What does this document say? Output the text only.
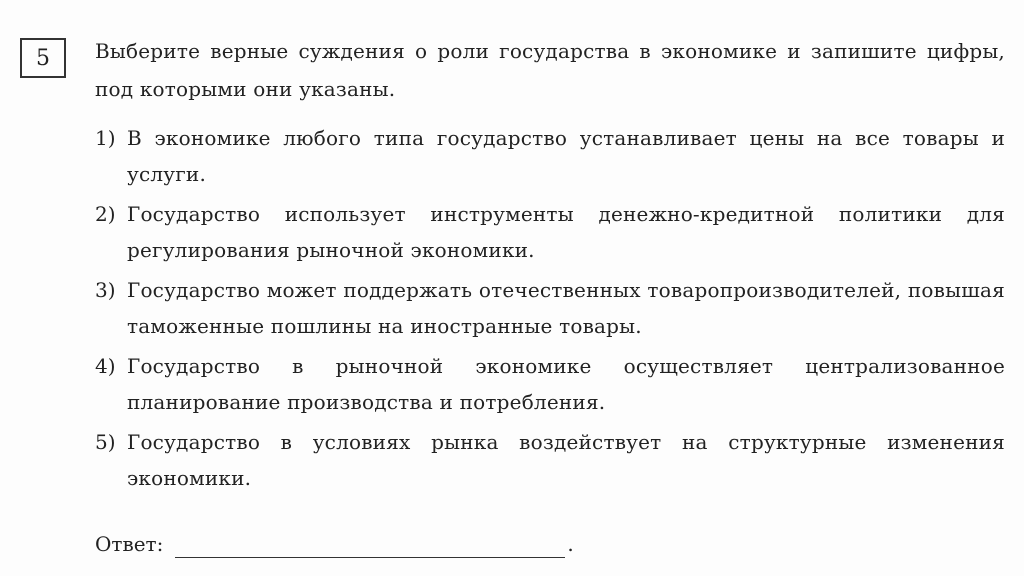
5 Выберите верные суждения о роли государства в экономике и запишите цифры, под которыми они указаны.
1) В экономике любого типа государство устанавливает цены на все товары и услуги.
2) Государство использует инструменты денежно-кредитной политики для регулирования рыночной экономики.
3) Государство может поддержать отечественных товаропроизводителей, повышая таможенные пошлины на иностранные товары.
4) Государство в рыночной экономике осуществляет централизованное планирование производства и потребления.
5) Государство в условиях рынка воздействует на структурные изменения экономики.
Ответ:	.
